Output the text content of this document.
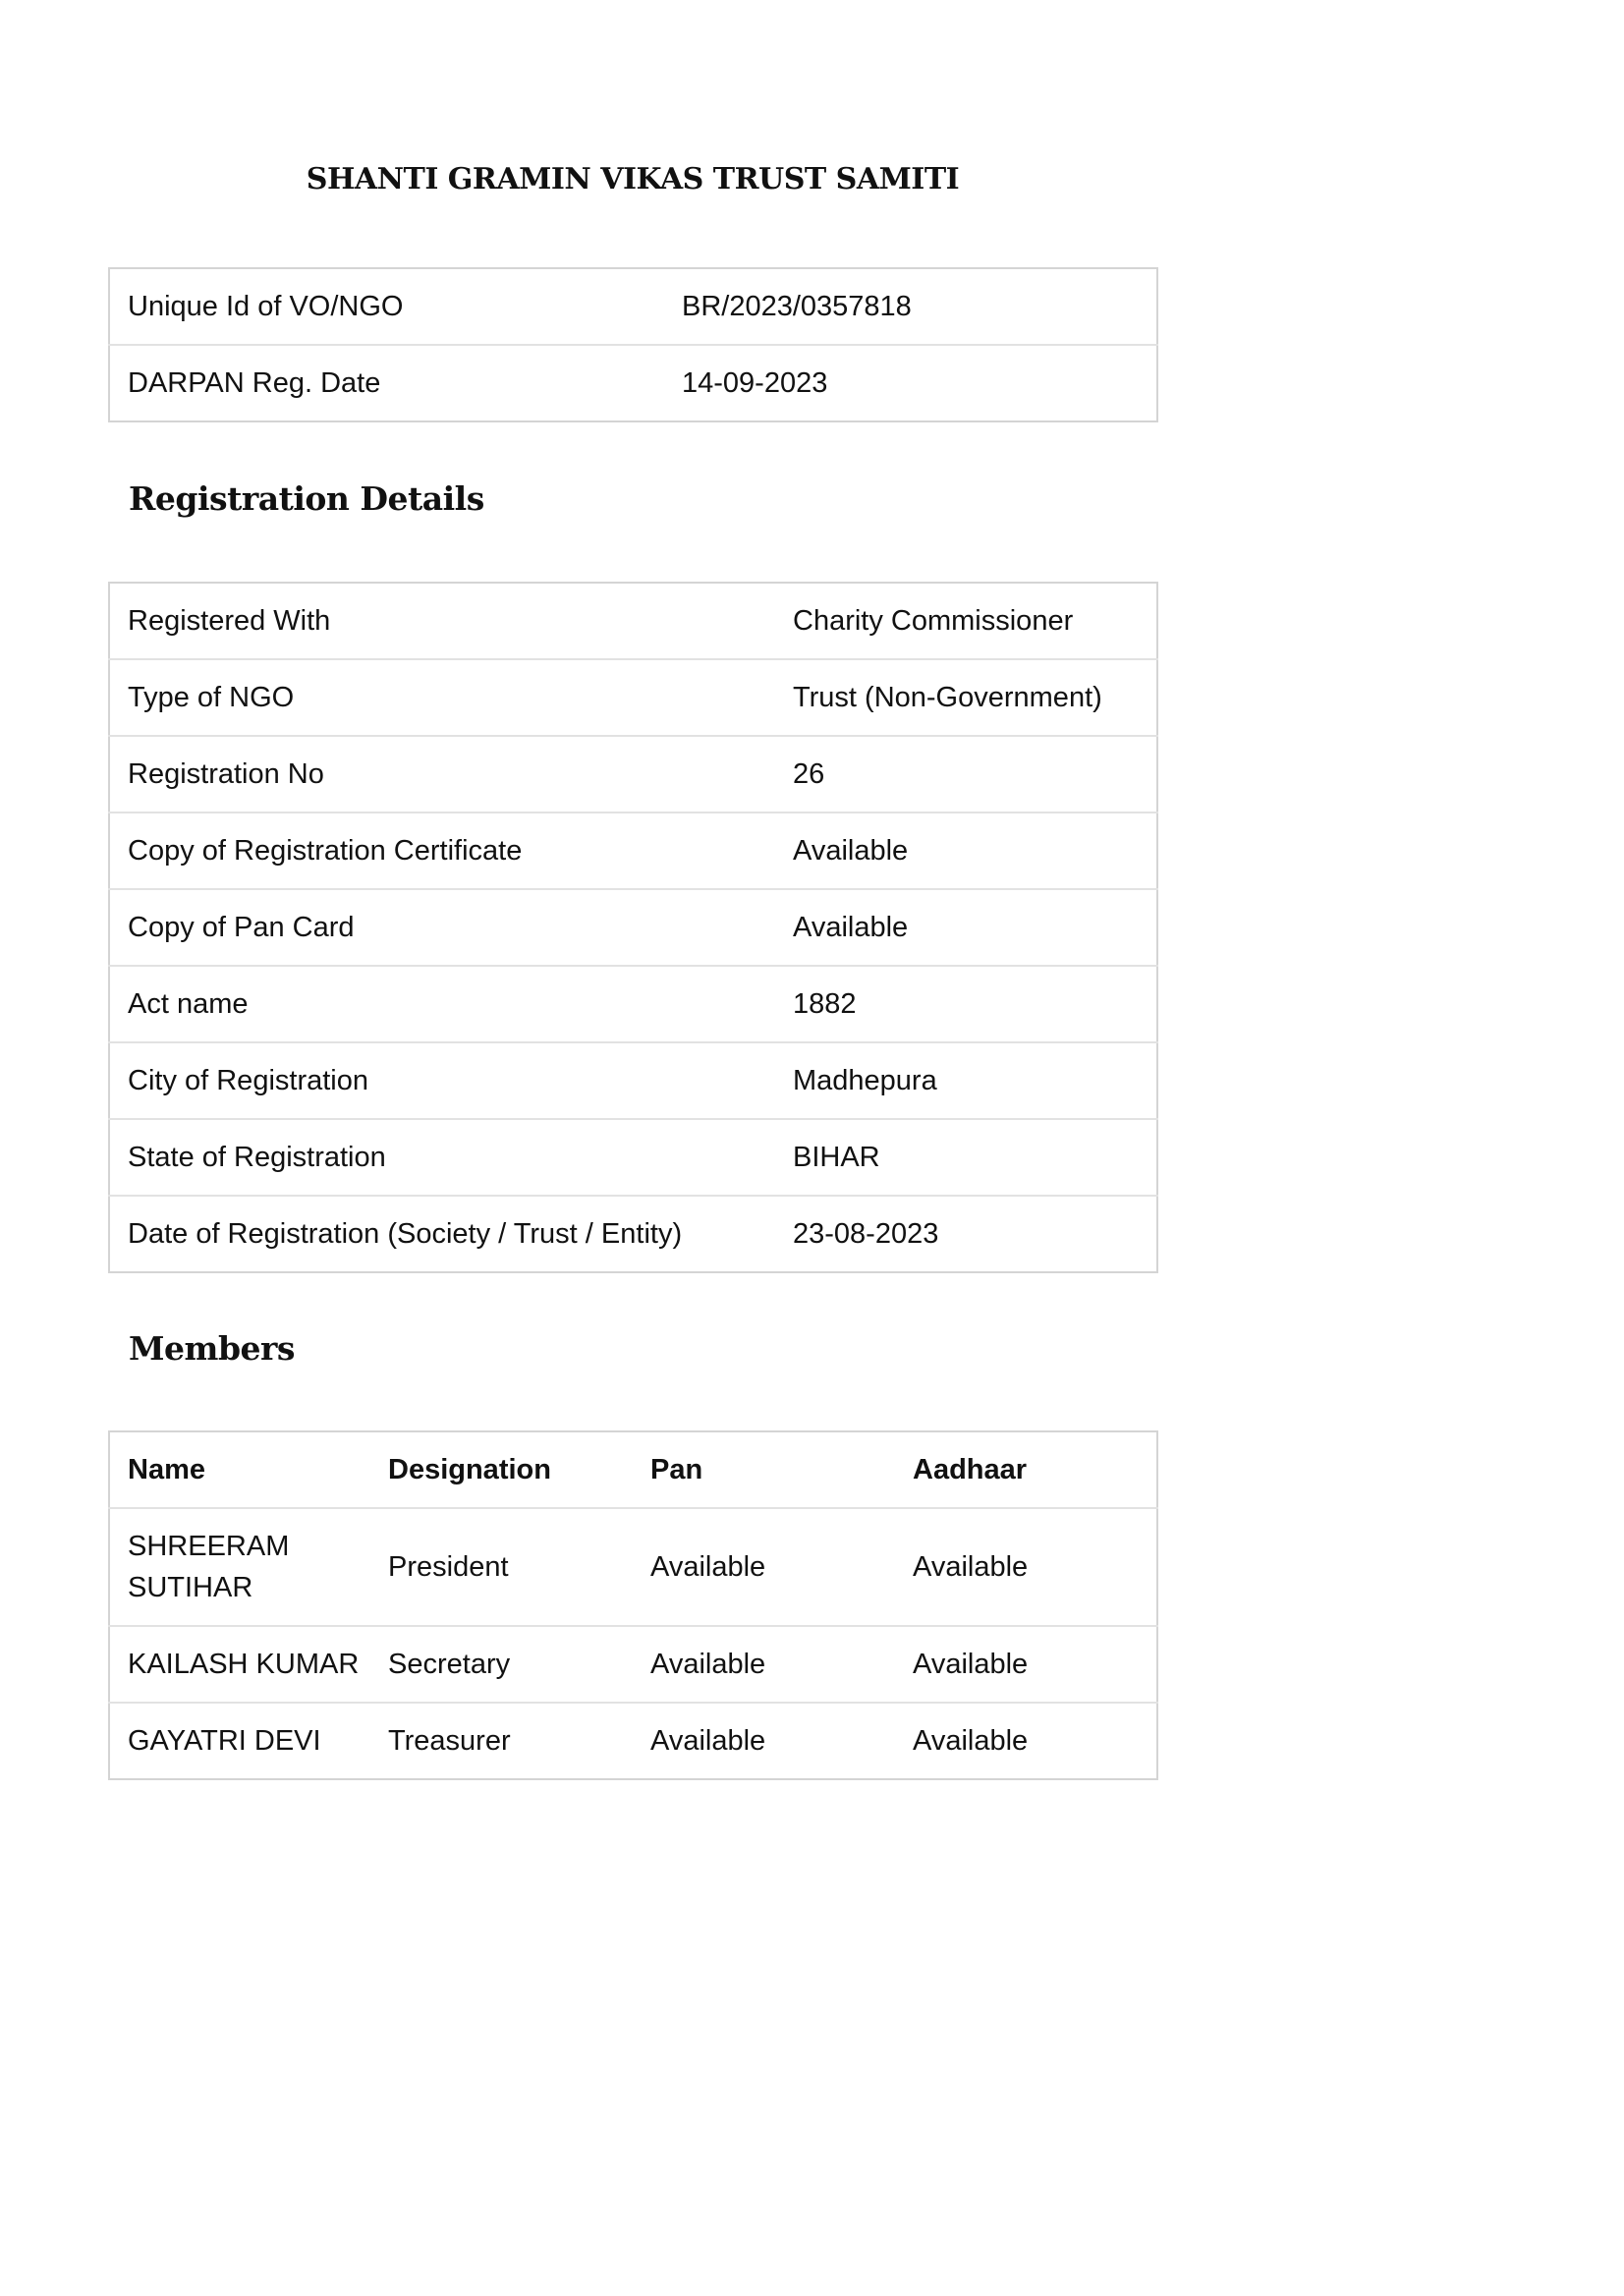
SHANTI GRAMIN VIKAS TRUST SAMITI
Unique Id of VO/NGO	BR/2023/0357818
DARPAN Reg. Date	14-09-2023
Registration Details
Registered With	Charity Commissioner
Type of NGO	Trust (Non-Government)
Registration No	26
Copy of Registration Certificate	Available
Copy of Pan Card	Available
Act name	1882
City of Registration	Madhepura
State of Registration	BIHAR
Date of Registration (Society / Trust / Entity)	23-08-2023
Members
Name	Designation	Pan	Aadhaar
SHREERAM SUTIHAR	President	Available	Available
KAILASH KUMAR	Secretary	Available	Available
GAYATRI DEVI	Treasurer	Available	Available
